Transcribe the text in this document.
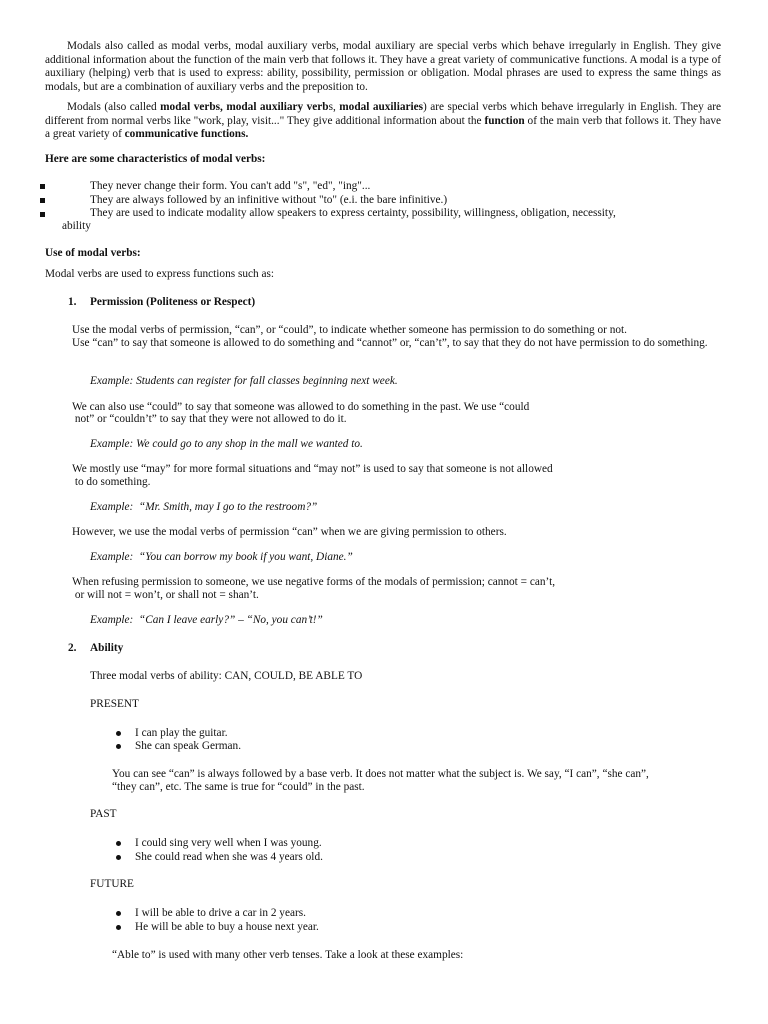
Modals also called as modal verbs, modal auxiliary verbs, modal auxiliary are special verbs which behave irregularly in English. They give additional information about the function of the main verb that follows it. They have a great variety of communicative functions. A modal is a type of auxiliary (helping) verb that is used to express: ability, possibility, permission or obligation. Modal phrases are used to express the same things as modals, but are a combination of auxiliary verbs and the preposition to.

Modals (also called modal verbs, modal auxiliary verbs, modal auxiliaries) are special verbs which behave irregularly in English. They are different from normal verbs like "work, play, visit..." They give additional information about the function of the main verb that follows it. They have a great variety of communicative functions.

Here are some characteristics of modal verbs:

They never change their form. You can't add "s", "ed", "ing"...

They are always followed by an infinitive without "to" (e.i. the bare infinitive.)

They are used to indicate modality allow speakers to express certainty, possibility, willingness, obligation, necessity,

ability

Use of modal verbs:

Modal verbs are used to express functions such as:

1. Permission (Politeness or Respect)

Use the modal verbs of permission, “can”, or “could”, to indicate whether someone has permission to do something or not.

Use “can” to say that someone is allowed to do something and “cannot” or, “can’t”, to say that they do not have permission to do something.

Example: Students can register for fall classes beginning next week.

We can also use “could” to say that someone was allowed to do something in the past. We use “could

not” or “couldn’t” to say that they were not allowed to do it.

Example: We could go to any shop in the mall we wanted to.

We mostly use “may” for more formal situations and “may not” is used to say that someone is not allowed

to do something.

Example:  “Mr. Smith, may I go to the restroom?”

However, we use the modal verbs of permission “can” when we are giving permission to others.

Example:  “You can borrow my book if you want, Diane.”

When refusing permission to someone, we use negative forms of the modals of permission; cannot = can’t,

or will not = won’t, or shall not = shan’t.

Example:  “Can I leave early?” – “No, you can’t!”

2. Ability

Three modal verbs of ability: CAN, COULD, BE ABLE TO

PRESENT

I can play the guitar.

She can speak German.

You can see “can” is always followed by a base verb. It does not matter what the subject is. We say, “I can”, “she can”,

“they can”, etc. The same is true for “could” in the past.

PAST

I could sing very well when I was young.

She could read when she was 4 years old.

FUTURE

I will be able to drive a car in 2 years.

He will be able to buy a house next year.

“Able to” is used with many other verb tenses. Take a look at these examples:
